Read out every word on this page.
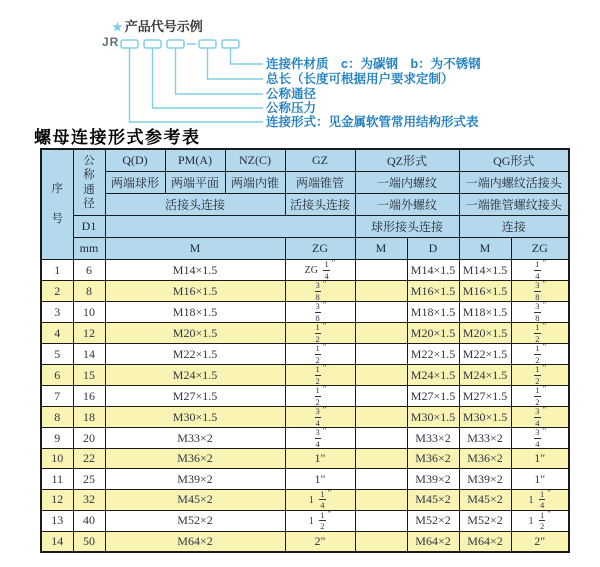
★ 产品代号示例
JR
连接件材质　c：为碳钢　b：为不锈钢
总长（长度可根据用户要求定制）
公称通径
公称压力
连接形式：见金属软管常用结构形式表
螺母连接形式参考表
序
号

公
称
通
径
	Q(D)	PM(A)	NZ(C)	GZ	QZ形式	QG形式
		两端球形	两端平面	两端内锥	两端锥管	一端内螺纹		一端内螺纹活接头	
		活接头连接			活接头连接	一端外螺纹		一端锥管螺纹接头	
	D1					球形接头连接		连接	
	mm	M			ZG	M	D	M	ZG
1	6	M14×1.5			ZG $\frac{1}{4} ^"$		M14×1.5	M14×1.5	$\frac{1}{4} ^"$
2	8	M16×1.5			$\frac{3}{8} ^"$		M16×1.5	M16×1.5	$\frac{3}{8} ^"$
3	10	M18×1.5			$\frac{3}{8} ^"$		M18×1.5	M18×1.5	$\frac{3}{8} ^"$
4	12	M20×1.5			$\frac{1}{2} ^"$		M20×1.5	M20×1.5	$\frac{1}{2} ^"$
5	14	M22×1.5			$\frac{1}{2} ^"$		M22×1.5	M22×1.5	$\frac{1}{2} ^"$
6	15	M24×1.5			$\frac{1}{2} ^"$		M24×1.5	M24×1.5	$\frac{1}{2} ^"$
7	16	M27×1.5			$\frac{1}{2} ^"$		M27×1.5	M27×1.5	$\frac{1}{2} ^"$
8	18	M30×1.5			$\frac{3}{4} ^"$		M30×1.5	M30×1.5	$\frac{3}{4} ^"$
9	20	M33×2			$\frac{3}{4} ^"$		M33×2	M33×2	$\frac{3}{4} ^"$
10	22	M36×2			1"		M36×2	M36×2	1"
11	25	M39×2			1"		M39×2	M39×2	1"
12	32	M45×2			$1 \frac{1}{4} ^"$		M45×2	M45×2	$1 \frac{1}{4} ^"$
13	40	M52×2			$1 \frac{1}{2} ^"$		M52×2	M52×2	$1 \frac{1}{2} ^"$
14	50	M64×2			2"		M64×2	M64×2	2"
